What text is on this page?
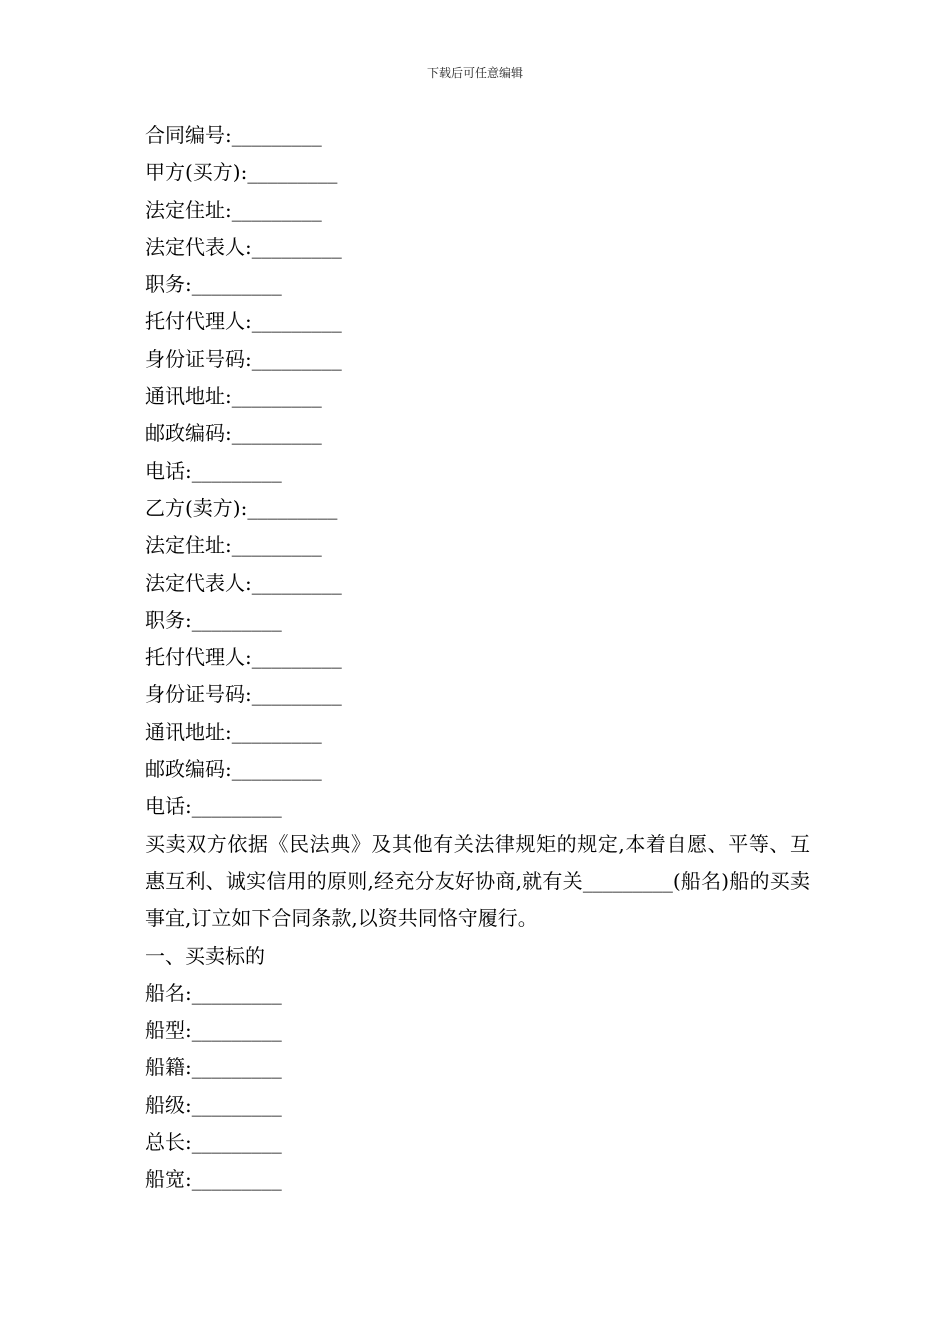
下载后可任意编辑
合同编号:_________
甲方(买方):_________
法定住址:_________
法定代表人:_________
职务:_________
托付代理人:_________
身份证号码:_________
通讯地址:_________
邮政编码:_________
电话:_________
乙方(卖方):_________
法定住址:_________
法定代表人:_________
职务:_________
托付代理人:_________
身份证号码:_________
通讯地址:_________
邮政编码:_________
电话:_________
买卖双方依据《民法典》及其他有关法律规矩的规定,本着自愿、平等、互惠互利、诚实信用的原则,经充分友好协商,就有关_________(船名)船的买卖事宜,订立如下合同条款,以资共同恪守履行。
一、买卖标的
船名:_________
船型:_________
船籍:_________
船级:_________
总长:_________
船宽:_________
